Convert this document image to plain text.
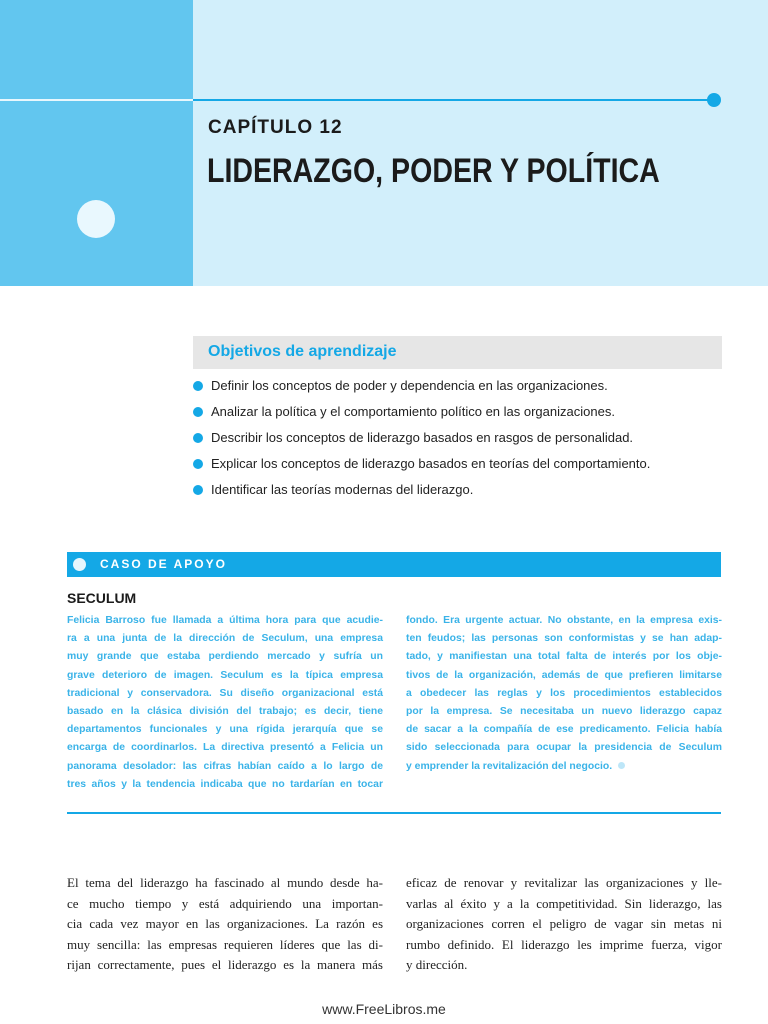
CAPÍTULO 12
LIDERAZGO, PODER Y POLÍTICA
Objetivos de aprendizaje
Definir los conceptos de poder y dependencia en las organizaciones.
Analizar la política y el comportamiento político en las organizaciones.
Describir los conceptos de liderazgo basados en rasgos de personalidad.
Explicar los conceptos de liderazgo basados en teorías del comportamiento.
Identificar las teorías modernas del liderazgo.
CASO DE APOYO
SECULUM

Felicia Barroso fue llamada a última hora para que acudie-

ra a una junta de la dirección de Seculum, una empresa

muy grande que estaba perdiendo mercado y sufría un

grave deterioro de imagen. Seculum es la típica empresa

tradicional y conservadora. Su diseño organizacional está

basado en la clásica división del trabajo; es decir, tiene

departamentos funcionales y una rígida jerarquía que se

encarga de coordinarlos. La directiva presentó a Felicia un

panorama desolador: las cifras habían caído a lo largo de

tres años y la tendencia indicaba que no tardarían en tocar

fondo. Era urgente actuar. No obstante, en la empresa exis-

ten feudos; las personas son conformistas y se han adap-

tado, y manifiestan una total falta de interés por los obje-

tivos de la organización, además de que prefieren limitarse

a obedecer las reglas y los procedimientos establecidos

por la empresa. Se necesitaba un nuevo liderazgo capaz

de sacar a la compañía de ese predicamento. Felicia había

sido seleccionada para ocupar la presidencia de Seculum

y emprender la revitalización del negocio.

El tema del liderazgo ha fascinado al mundo desde ha-

ce mucho tiempo y está adquiriendo una importan-

cia cada vez mayor en las organizaciones. La razón es

muy sencilla: las empresas requieren líderes que las di-

rijan correctamente, pues el liderazgo es la manera más

eficaz de renovar y revitalizar las organizaciones y lle-

varlas al éxito y a la competitividad. Sin liderazgo, las

organizaciones corren el peligro de vagar sin metas ni

rumbo definido. El liderazgo les imprime fuerza, vigor

y dirección.

www.FreeLibros.me
